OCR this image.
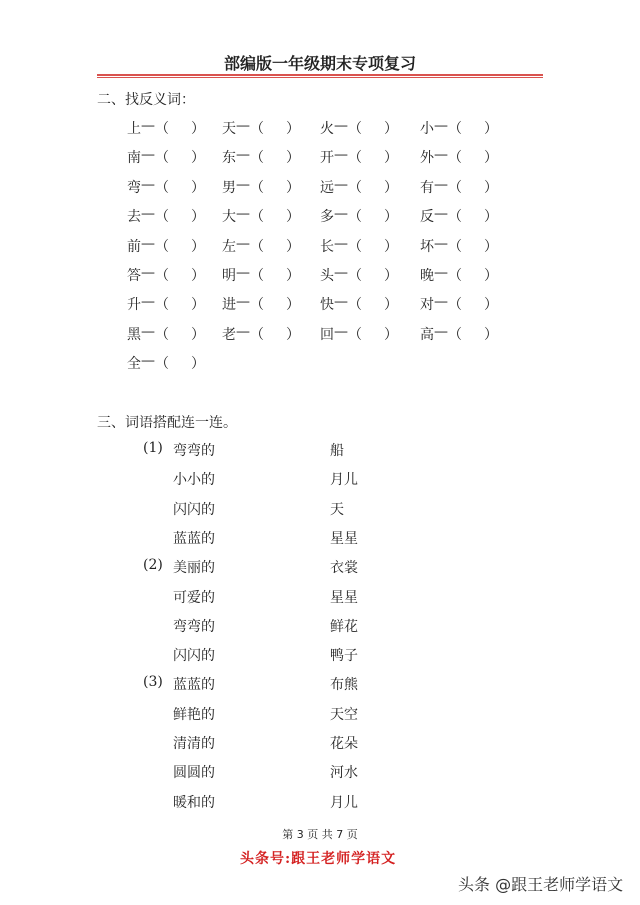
部编版一年级期末专项复习
二、找反义词：
上 — （ ） 天 — （ ） 火 — （ ） 小 — （ ）
南 — （ ） 东 — （ ） 开 — （ ） 外 — （ ）
弯 — （ ） 男 — （ ） 远 — （ ） 有 — （ ）
去 — （ ） 大 — （ ） 多 — （ ） 反 — （ ）
前 — （ ） 左 — （ ） 长 — （ ） 坏 — （ ）
答 — （ ） 明 — （ ） 头 — （ ） 晚 — （ ）
升 — （ ） 进 — （ ） 快 — （ ） 对 — （ ）
黑 — （ ） 老 — （ ） 回 — （ ） 高 — （ ）
全 — （ ）
三、词语搭配连一连。
(1) 弯弯的	船
小小的	月儿
闪闪的	天
蓝蓝的	星星
(2) 美丽的	衣裳
可爱的	星星
弯弯的	鲜花
闪闪的	鸭子
(3) 蓝蓝的	布熊
鲜艳的	天空
清清的	花朵
圆圆的	河水
暖和的	月儿
第 3 页 共 7 页
头条号:跟王老师学语文
头条 @跟王老师学语文
